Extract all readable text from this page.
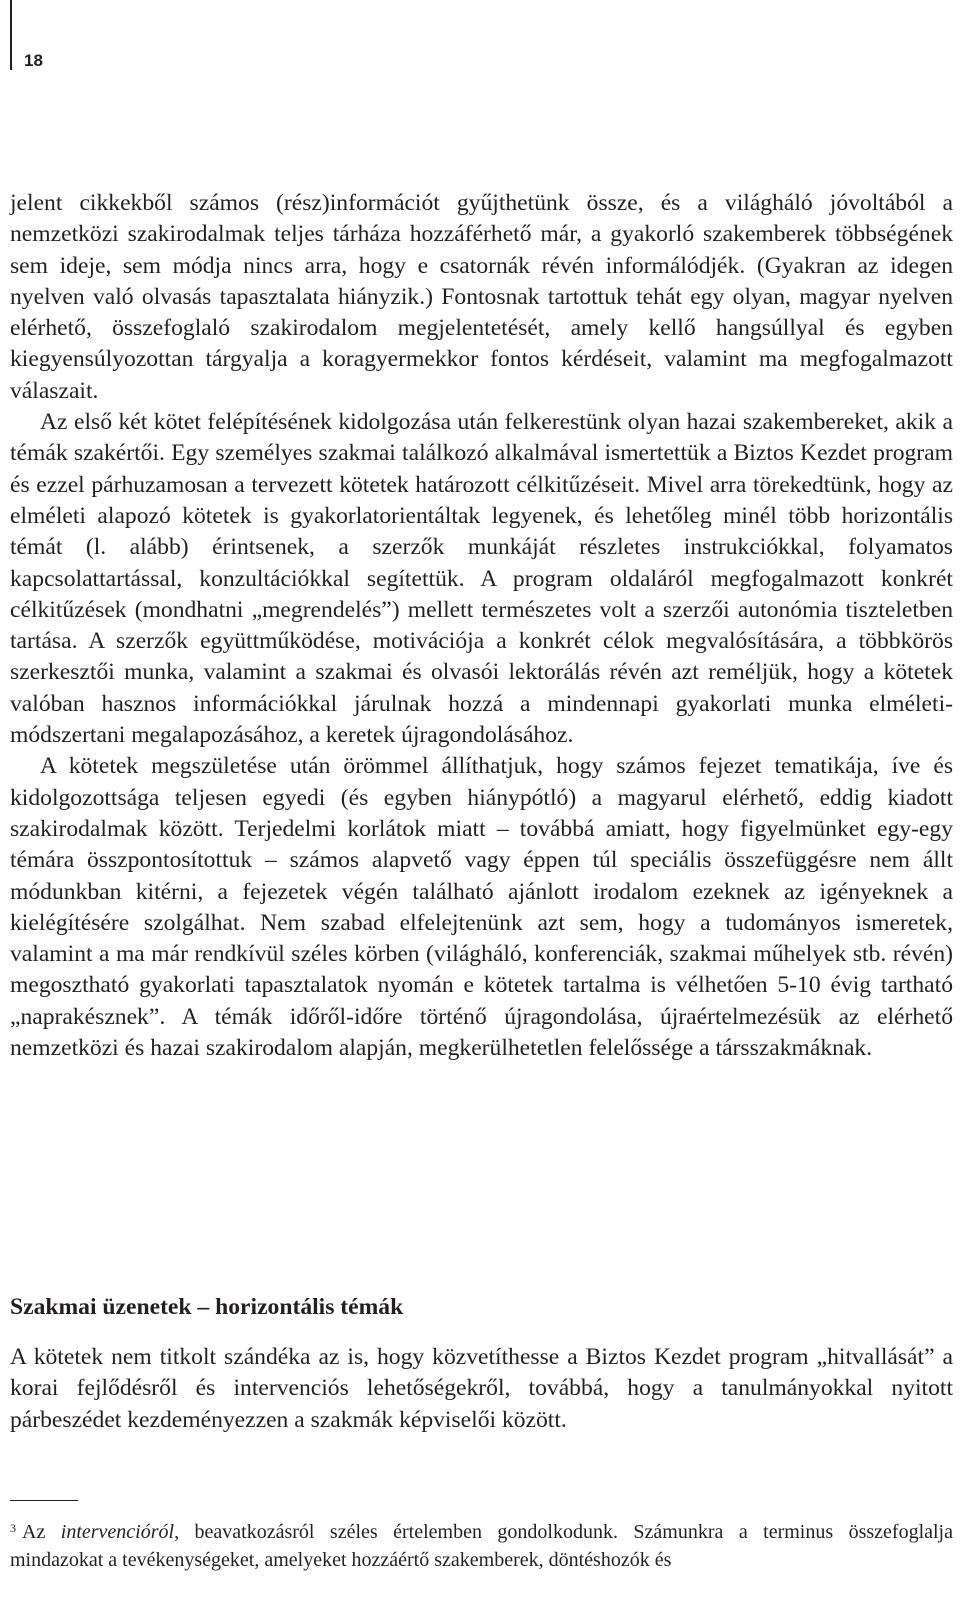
18

jelent cikkekből számos (rész)információt gyűjthetünk össze, és a világháló jóvoltából a nemzetközi szakirodalmak teljes tárháza hozzáférhető már, a gyakorló szakemberek többségének sem ideje, sem módja nincs arra, hogy e csatornák révén informálódjék. (Gyakran az idegen nyelven való olvasás tapasztalata hiányzik.) Fontosnak tartottuk tehát egy olyan, magyar nyelven elérhető, összefoglaló szakirodalom megjelentetését, amely kellő hangsúllyal és egyben kiegyensúlyozottan tárgyalja a koragyermekkor fontos kérdéseit, valamint ma megfogalmazott válaszait.

Az első két kötet felépítésének kidolgozása után felkerestünk olyan hazai szakembereket, akik a témák szakértői. Egy személyes szakmai találkozó alkalmával ismertettük a Biztos Kezdet program és ezzel párhuzamosan a tervezett kötetek határozott célkitűzéseit. Mivel arra törekedtünk, hogy az elméleti alapozó kötetek is gyakorlatorientáltak legyenek, és lehetőleg minél több horizontális témát (l. alább) érintsenek, a szerzők munkáját részletes instrukciókkal, folyamatos kapcsolattartással, konzultációkkal segítettük. A program oldaláról megfogalmazott konkrét célkitűzések (mondhatni „megrendelés”) mellett természetes volt a szerzői autonómia tiszteletben tartása. A szerzők együttműködése, motivációja a konkrét célok megvalósítására, a többkörös szerkesztői munka, valamint a szakmai és olvasói lektorálás révén azt reméljük, hogy a kötetek valóban hasznos információkkal járulnak hozzá a mindennapi gyakorlati munka elméleti-módszertani megalapozásához, a keretek újragondolásához.

A kötetek megszületése után örömmel állíthatjuk, hogy számos fejezet tematikája, íve és kidolgozottsága teljesen egyedi (és egyben hiánypótló) a magyarul elérhető, eddig kiadott szakirodalmak között. Terjedelmi korlátok miatt – továbbá amiatt, hogy figyelmünket egy-egy témára összpontosítottuk – számos alapvető vagy éppen túl speciális összefüggésre nem állt módunkban kitérni, a fejezetek végén található ajánlott irodalom ezeknek az igényeknek a kielégítésére szolgálhat. Nem szabad elfelejtenünk azt sem, hogy a tudományos ismeretek, valamint a ma már rendkívül széles körben (világháló, konferenciák, szakmai műhelyek stb. révén) megosztható gyakorlati tapasztalatok nyomán e kötetek tartalma is vélhetően 5-10 évig tartható „naprakésznek”. A témák időről-időre történő újragondolása, újraértelmezésük az elérhető nemzetközi és hazai szakirodalom alapján, megkerülhetetlen felelőssége a társszakmáknak.

Szakmai üzenetek – horizontális témák

A kötetek nem titkolt szándéka az is, hogy közvetíthesse a Biztos Kezdet program „hitvallását” a korai fejlődésről és intervenciós lehetőségekről, továbbá, hogy a tanulmányokkal nyitott párbeszédet kezdeményezzen a szakmák képviselői között.

$^3$ Az intervencióról, beavatkozásról széles értelemben gondolkodunk. Számunkra a terminus összefoglalja mindazokat a tevékenységeket, amelyeket hozzáértő szakemberek, döntéshozók és
